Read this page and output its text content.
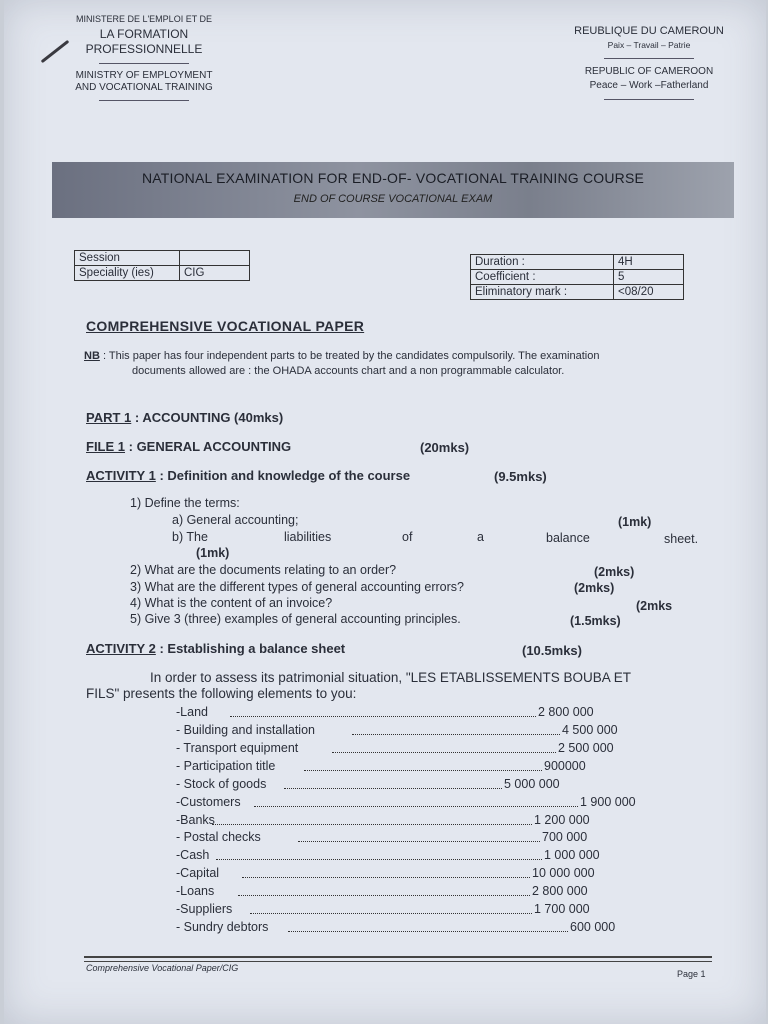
MINISTERE DE L'EMPLOI ET DE
LA FORMATION
PROFESSIONNELLE
MINISTRY OF EMPLOYMENT
AND VOCATIONAL TRAINING
REUBLIQUE DU CAMEROUN
Paix – Travail – Patrie
REPUBLIC OF CAMEROON
Peace – Work –Fatherland
NATIONAL EXAMINATION FOR END-OF- VOCATIONAL TRAINING COURSE
END OF COURSE VOCATIONAL EXAM
Session	
Speciality (ies)	CIG
Duration :	4H
Coefficient :	5
Eliminatory mark :	<08/20
COMPREHENSIVE VOCATIONAL PAPER
NB : This paper has four independent parts to be treated by the candidates compulsorily. The examination
documents allowed are : the OHADA accounts chart and a non programmable calculator.
PART 1 : ACCOUNTING (40mks)
FILE 1 : GENERAL ACCOUNTING	(20mks)
ACTIVITY 1 : Definition and knowledge of the course	(9.5mks)
1) Define the terms:
a) General accounting;	(1mk)
b) The	liabilities	of	a	balance	sheet.
(1mk)
2) What are the documents relating to an order?	(2mks)
3) What are the different types of general accounting errors?	(2mks)
4) What is the content of an invoice?	(2mks
5) Give 3 (three) examples of general accounting principles.	(1.5mks)
ACTIVITY 2 : Establishing a balance sheet	(10.5mks)
In order to assess its patrimonial situation, "LES ETABLISSEMENTS BOUBA ET
FILS" presents the following elements to you:
-Land	2 800 000
- Building and installation	4 500 000
- Transport equipment	2 500 000
- Participation title	900000
- Stock of goods	5 000 000
-Customers	1 900 000
-Banks	1 200 000
- Postal checks	700 000
-Cash	1 000 000
-Capital	10 000 000
-Loans	2 800 000
-Suppliers	1 700 000
- Sundry debtors	600 000
Comprehensive Vocational Paper/CIG
Page 1
